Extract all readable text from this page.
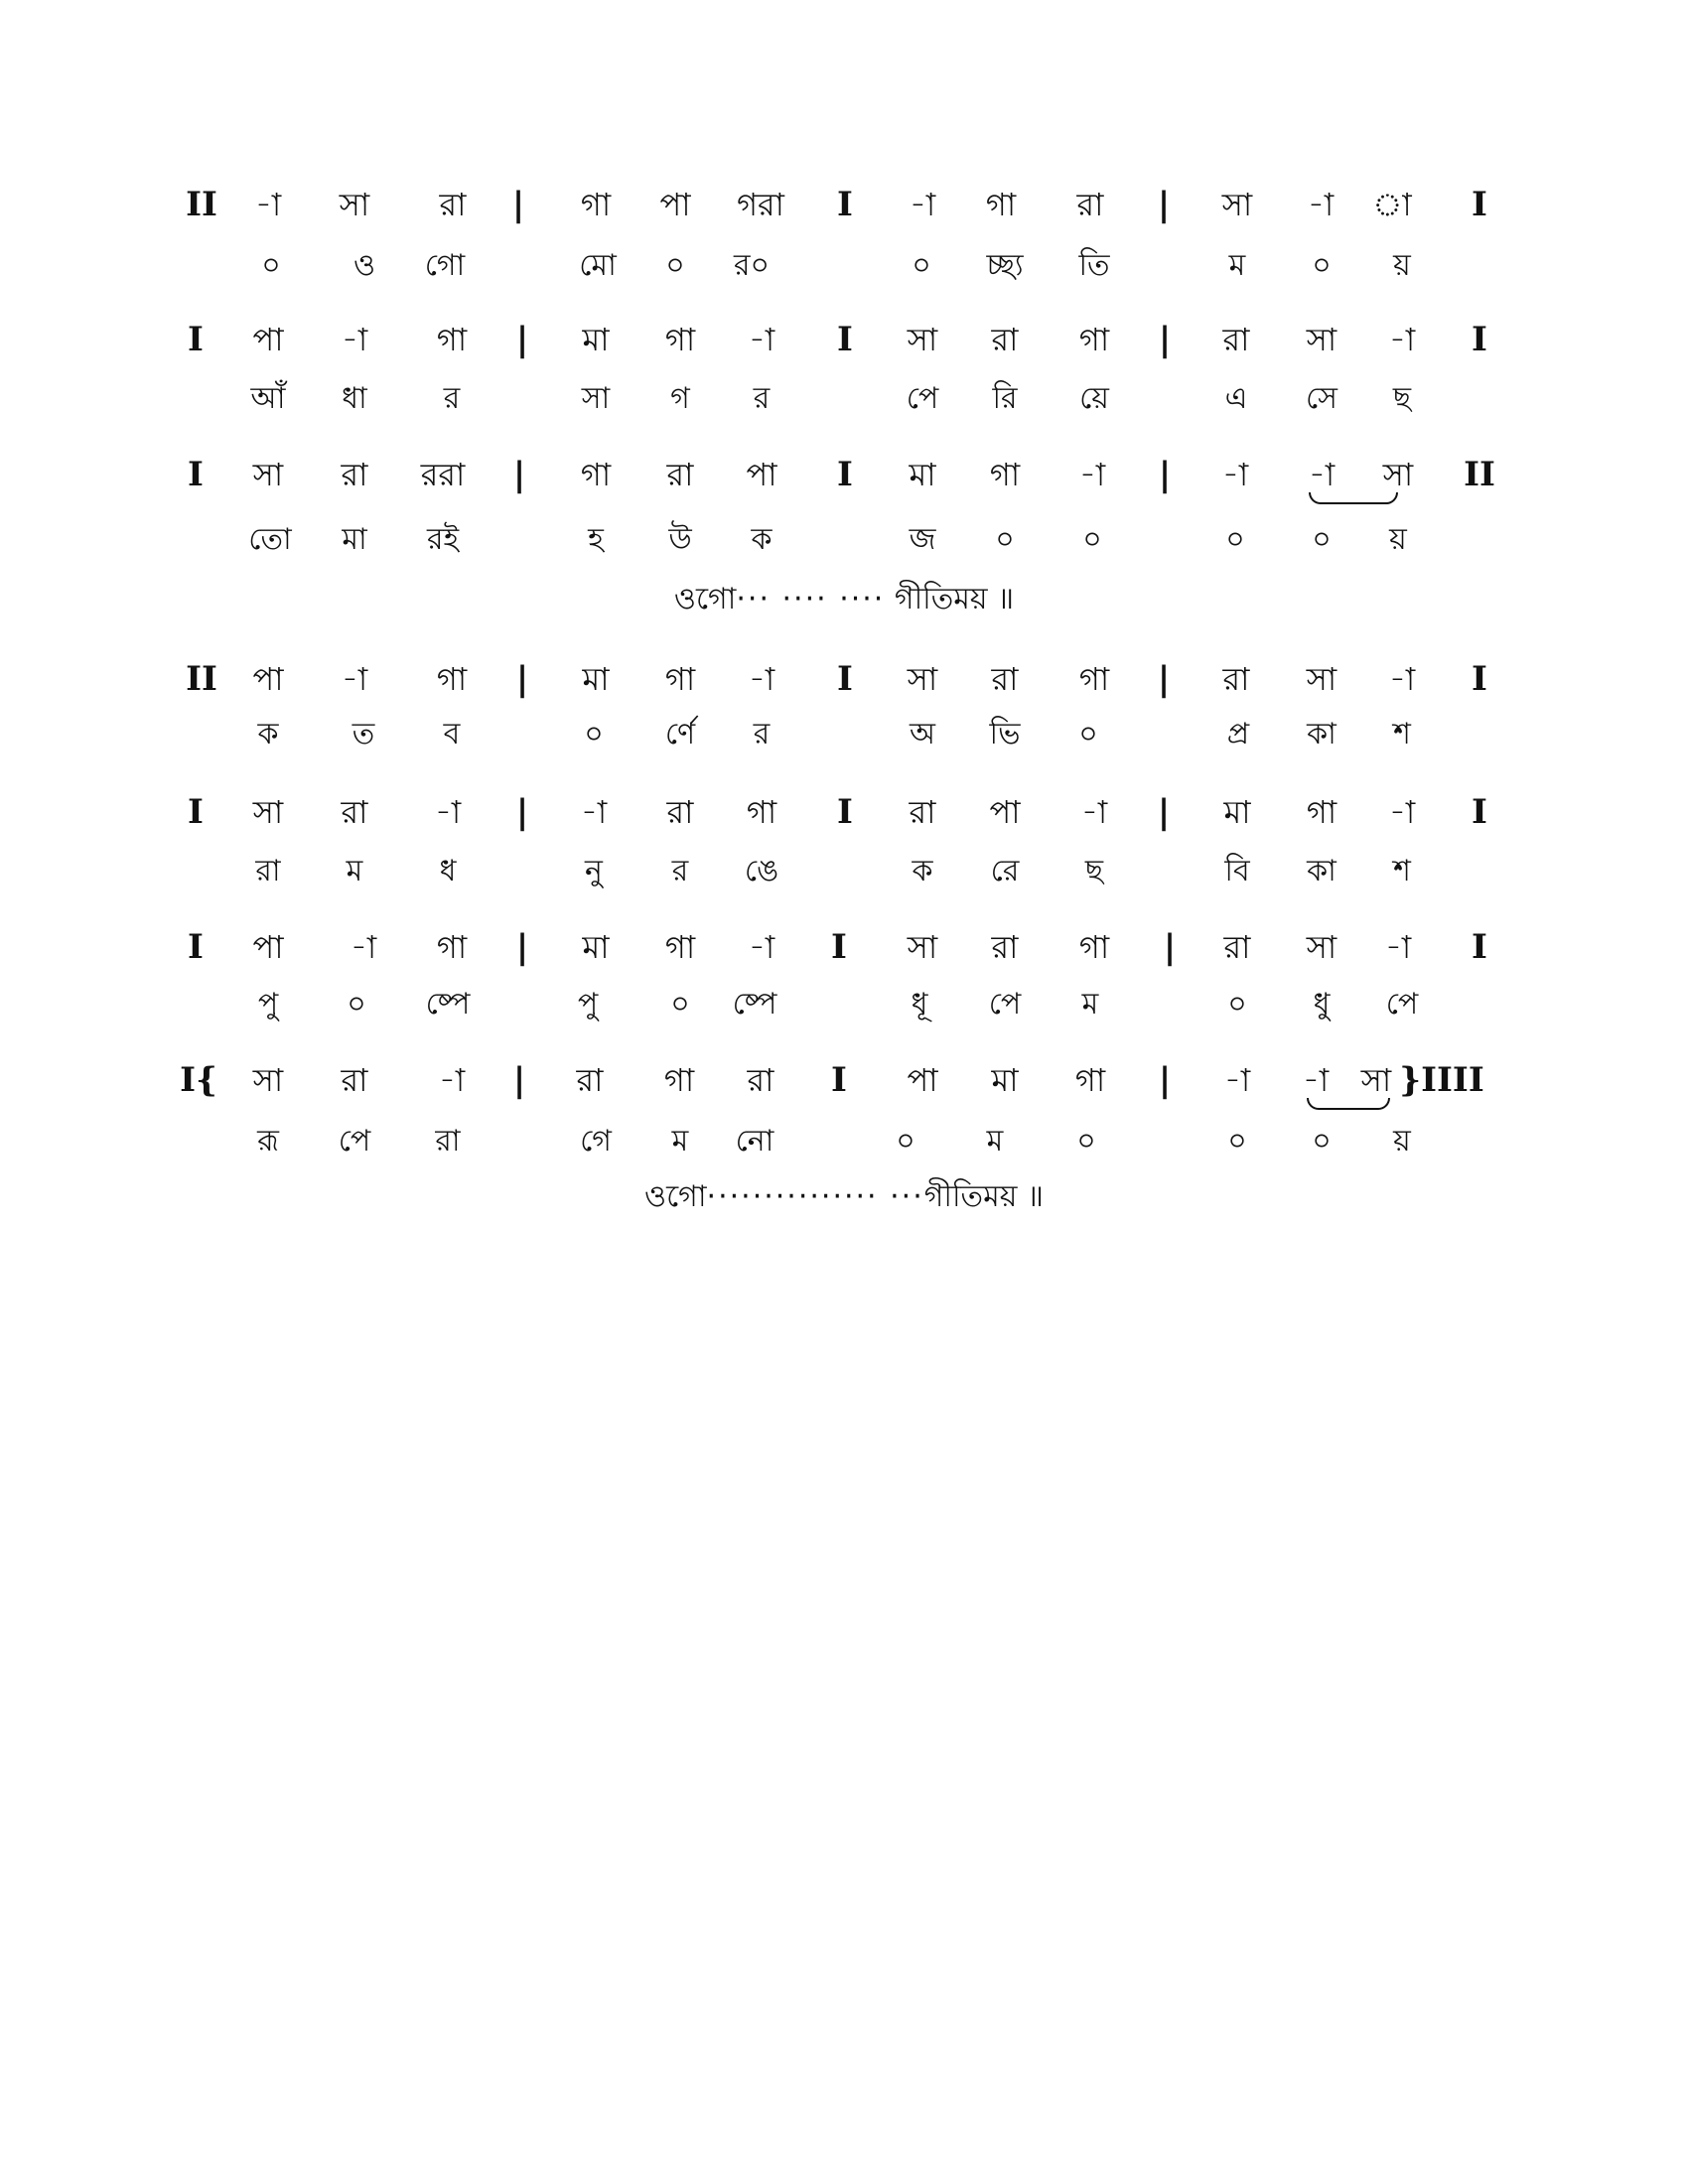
II -া সা রা | গা পা গরা I -া গা রা | সা -া া I
০ ও গো	মো ০ র০	০ চ্ছ্য তি	ম ০ য়
I পা -া গা | মা গা -া I সা রা গা | রা সা -া I
আঁ ধা	র	সা গ র	পে রি য়ে	এ সে ছ
I সা রা ররা | গা রা পা I মা গা -া | -া -া সা II
তো মা রই	হ উ ক	জ ০ ০	০ ০ য়
ওগো··· ···· ···· গীতিময় ॥
II পা -া গা | মা গা -া I সা রা গা | রা সা -া I
ক ত ব	০ র্ণে র	অ ভি ০	প্র কা শ
I সা রা -া | -া রা গা I রা পা -া | মা গা -া I
রা ম	ধ	নু র ঙে	ক রে ছ	বি কা শ
I পা -া গা | মা গা -া I সা রা গা | রা সা -া I
পু ০ ষ্পে	পু ০ ষ্পে	ধূ পে ম	০ ধু পে
I{ সা রা -া | রা গা রা I পা মা গা | -া -া সা }IIII
রূ পে রা	গে ম নো	০ ম ০	০ ০ য়
ওগো··············· ···গীতিময় ॥
